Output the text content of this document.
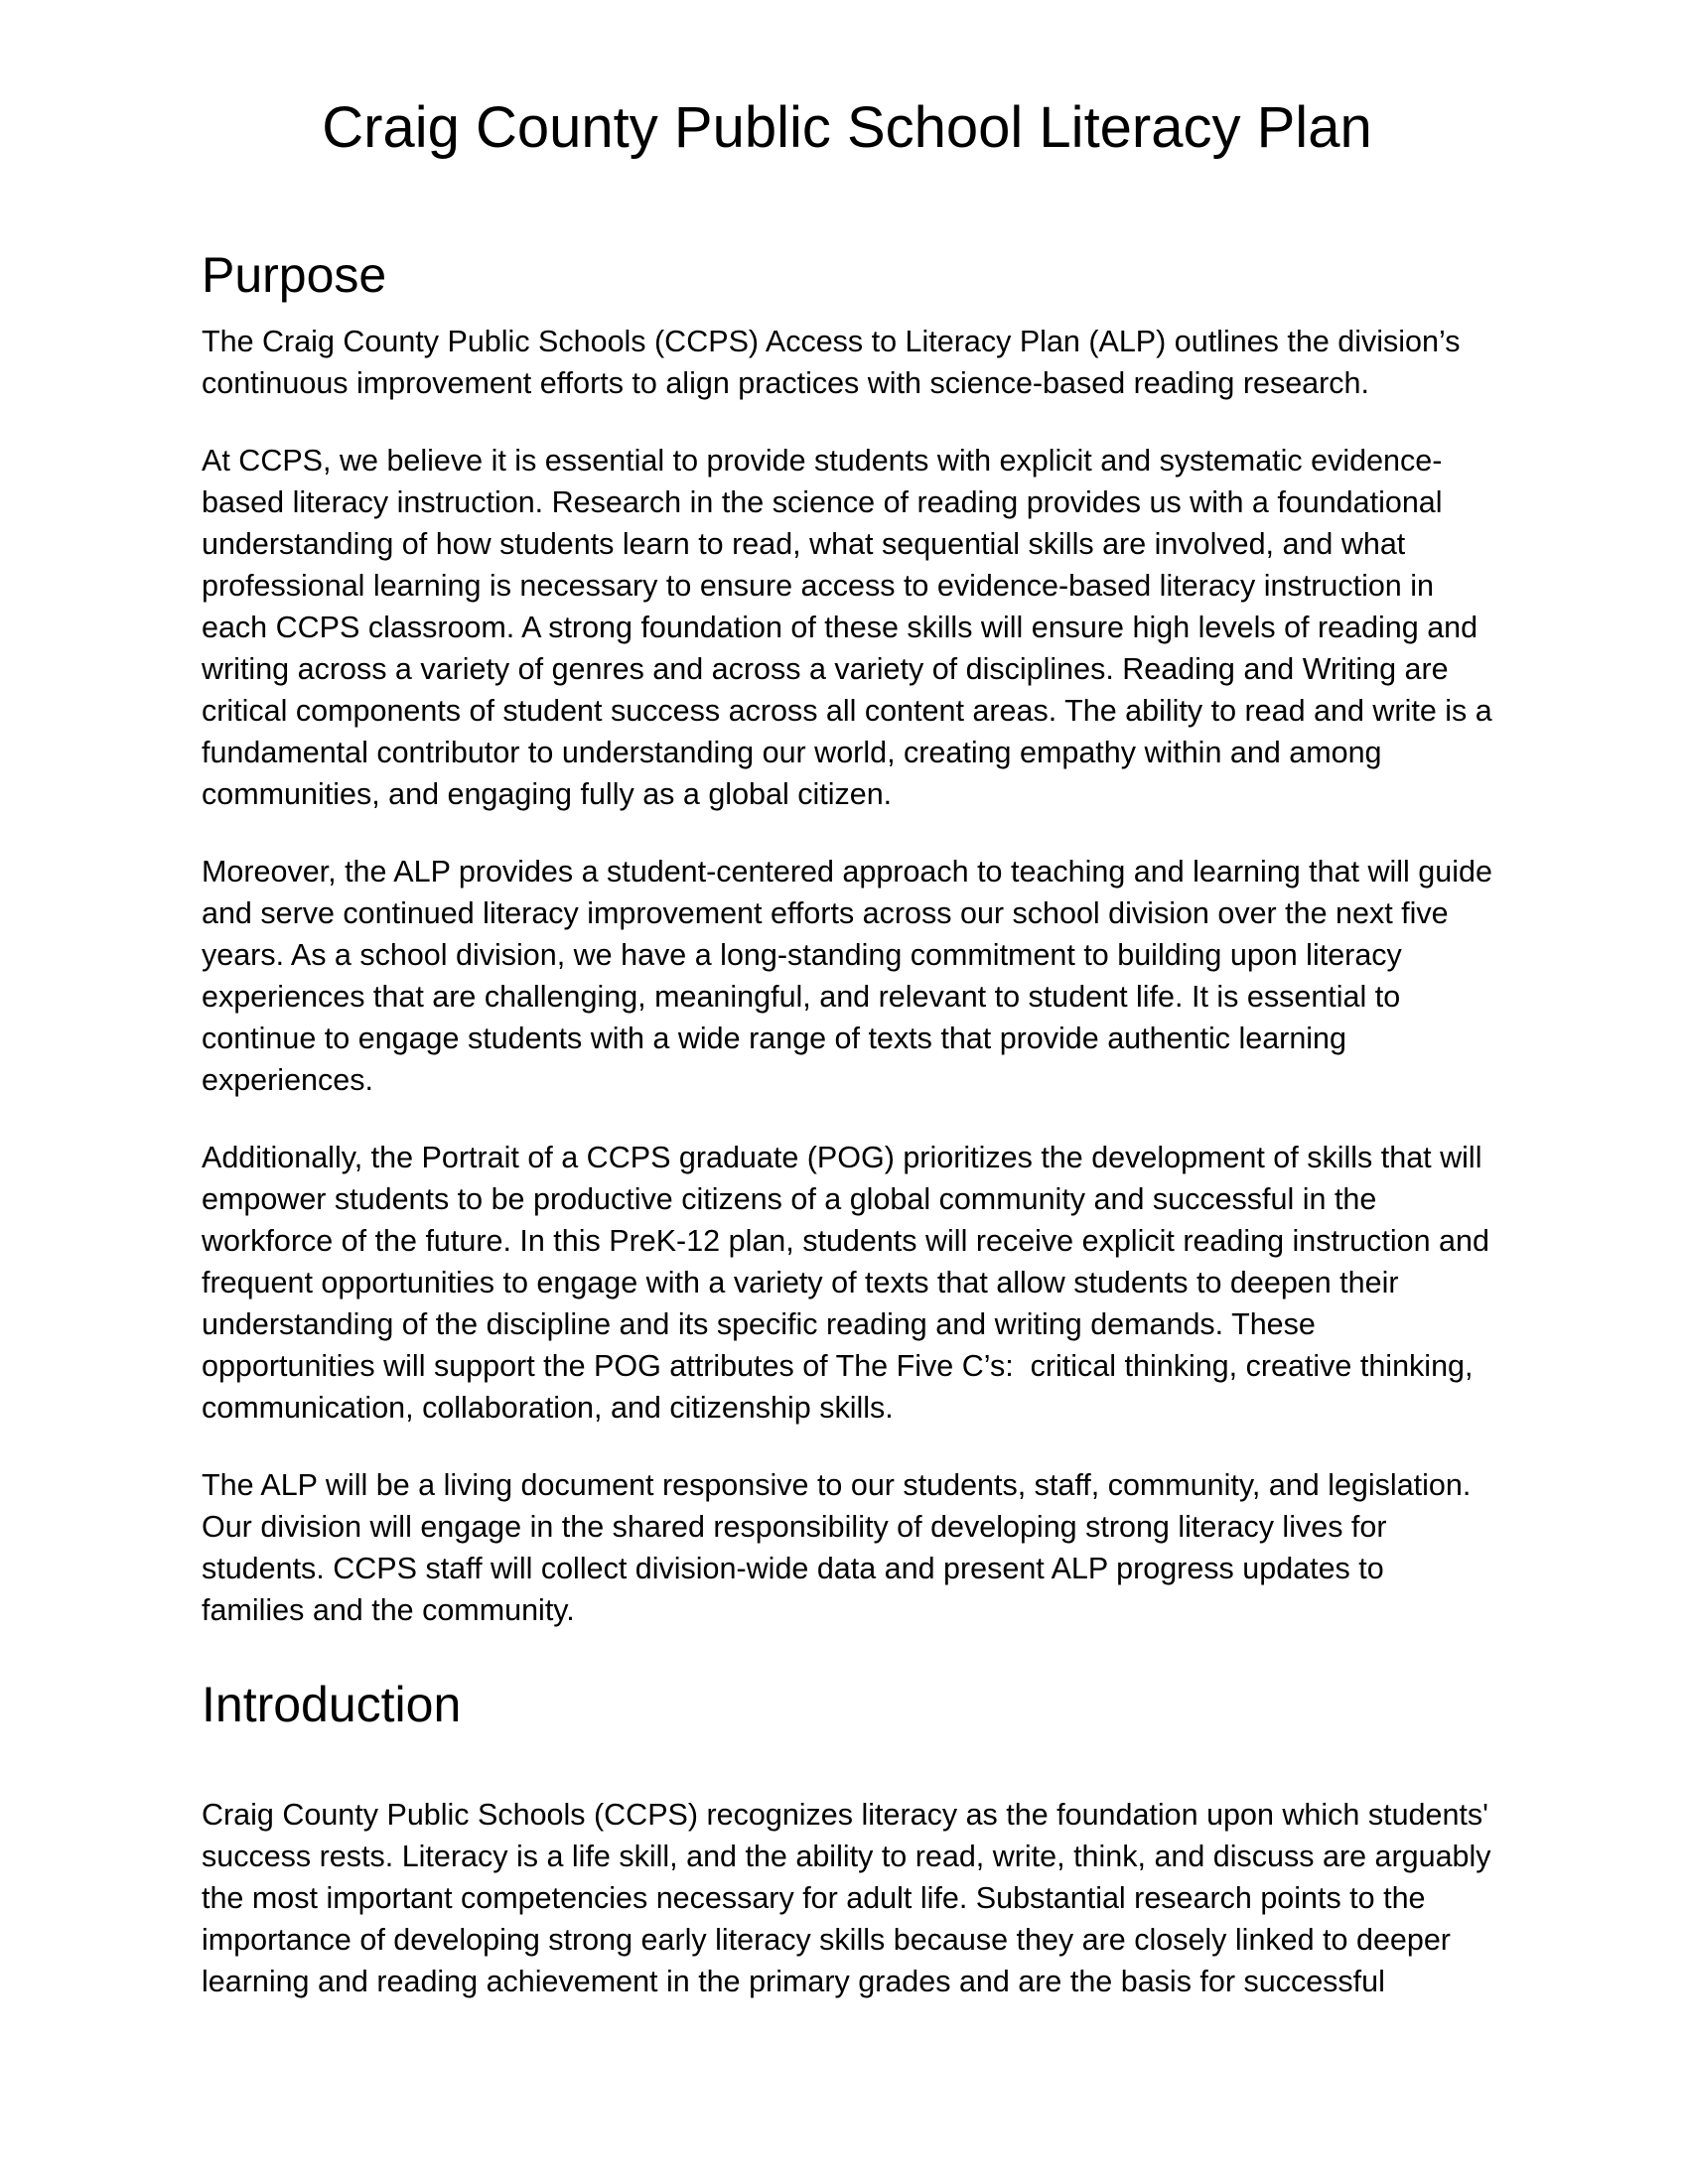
Craig County Public School Literacy Plan
Purpose

The Craig County Public Schools (CCPS) Access to Literacy Plan (ALP) outlines the division’s continuous improvement efforts to align practices with science-based reading research.

At CCPS, we believe it is essential to provide students with explicit and systematic evidence-based literacy instruction. Research in the science of reading provides us with a foundational understanding of how students learn to read, what sequential skills are involved, and what professional learning is necessary to ensure access to evidence-based literacy instruction in each CCPS classroom. A strong foundation of these skills will ensure high levels of reading and writing across a variety of genres and across a variety of disciplines. Reading and Writing are critical components of student success across all content areas. The ability to read and write is a fundamental contributor to understanding our world, creating empathy within and among communities, and engaging fully as a global citizen.

Moreover, the ALP provides a student-centered approach to teaching and learning that will guide and serve continued literacy improvement efforts across our school division over the next five years. As a school division, we have a long-standing commitment to building upon literacy experiences that are challenging, meaningful, and relevant to student life. It is essential to continue to engage students with a wide range of texts that provide authentic learning experiences.

Additionally, the Portrait of a CCPS graduate (POG) prioritizes the development of skills that will empower students to be productive citizens of a global community and successful in the workforce of the future. In this PreK-12 plan, students will receive explicit reading instruction and frequent opportunities to engage with a variety of texts that allow students to deepen their understanding of the discipline and its specific reading and writing demands. These opportunities will support the POG attributes of The Five C’s:  critical thinking, creative thinking, communication, collaboration, and citizenship skills.

The ALP will be a living document responsive to our students, staff, community, and legislation. Our division will engage in the shared responsibility of developing strong literacy lives for students. CCPS staff will collect division-wide data and present ALP progress updates to families and the community.

Introduction

Craig County Public Schools (CCPS) recognizes literacy as the foundation upon which students' success rests. Literacy is a life skill, and the ability to read, write, think, and discuss are arguably the most important competencies necessary for adult life. Substantial research points to the importance of developing strong early literacy skills because they are closely linked to deeper learning and reading achievement in the primary grades and are the basis for successful
